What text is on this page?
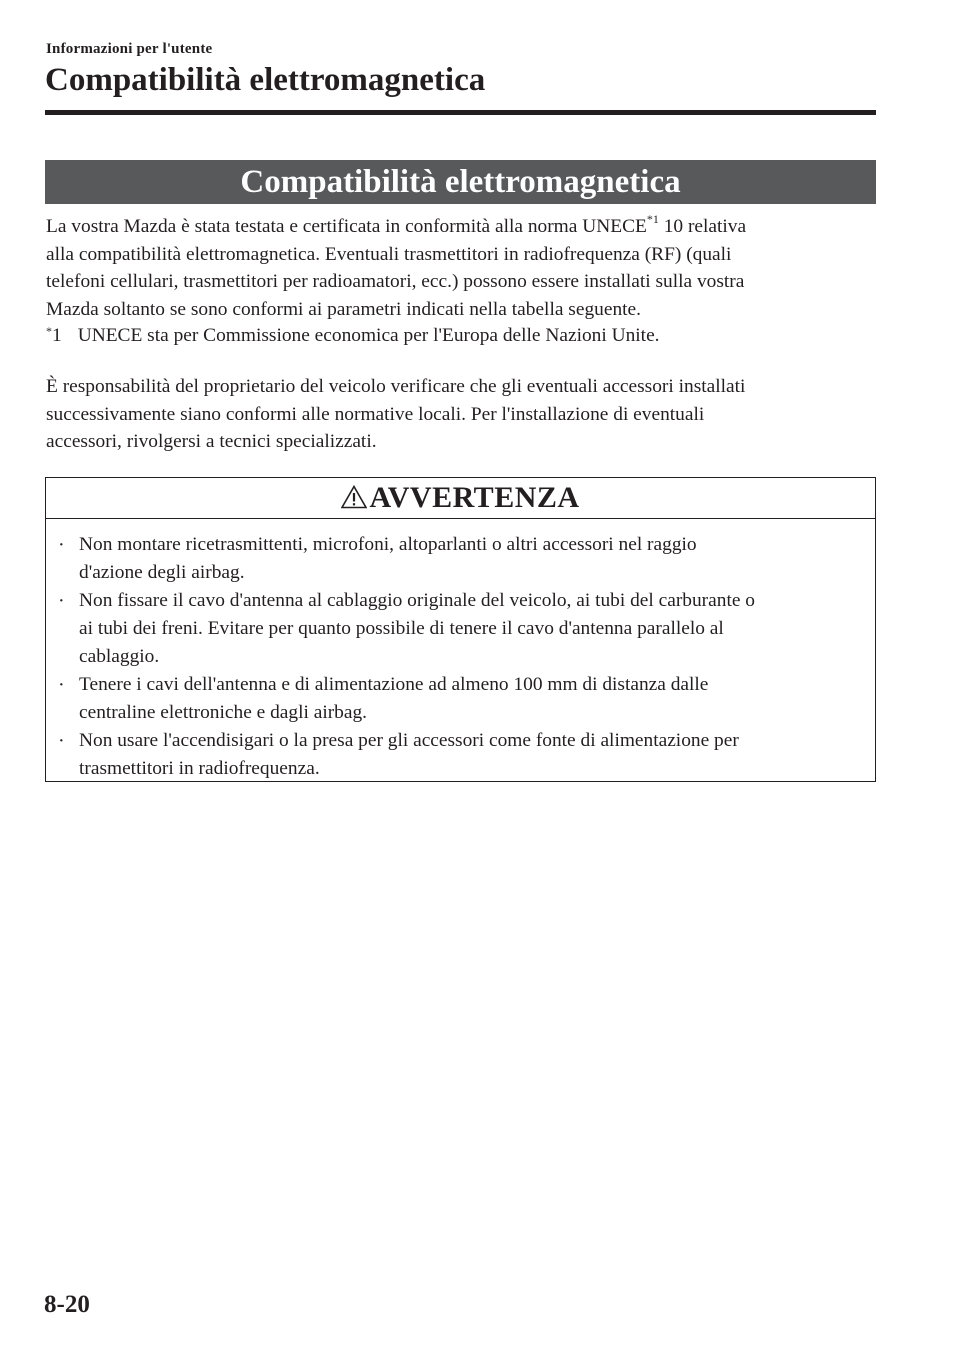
Informazioni per l'utente
Compatibilità elettromagnetica
Compatibilità elettromagnetica

La vostra Mazda è stata testata e certificata in conformità alla norma UNECE$^{*1}$ 10 relativa
alla compatibilità elettromagnetica. Eventuali trasmettitori in radiofrequenza (RF) (quali
telefoni cellulari, trasmettitori per radioamatori, ecc.) possono essere installati sulla vostra
Mazda soltanto se sono conformi ai parametri indicati nella tabella seguente.

*1 UNECE sta per Commissione economica per l'Europa delle Nazioni Unite.

È responsabilità del proprietario del veicolo verificare che gli eventuali accessori installati
successivamente siano conformi alle normative locali. Per l'installazione di eventuali
accessori, rivolgersi a tecnici specializzati.

AVVERTENZA
· Non montare ricetrasmittenti, microfoni, altoparlanti o altri accessori nel raggio
d'azione degli airbag.
· Non fissare il cavo d'antenna al cablaggio originale del veicolo, ai tubi del carburante o
ai tubi dei freni. Evitare per quanto possibile di tenere il cavo d'antenna parallelo al
cablaggio.
· Tenere i cavi dell'antenna e di alimentazione ad almeno 100 mm di distanza dalle
centraline elettroniche e dagli airbag.
· Non usare l'accendisigari o la presa per gli accessori come fonte di alimentazione per
trasmettitori in radiofrequenza.

8-20
